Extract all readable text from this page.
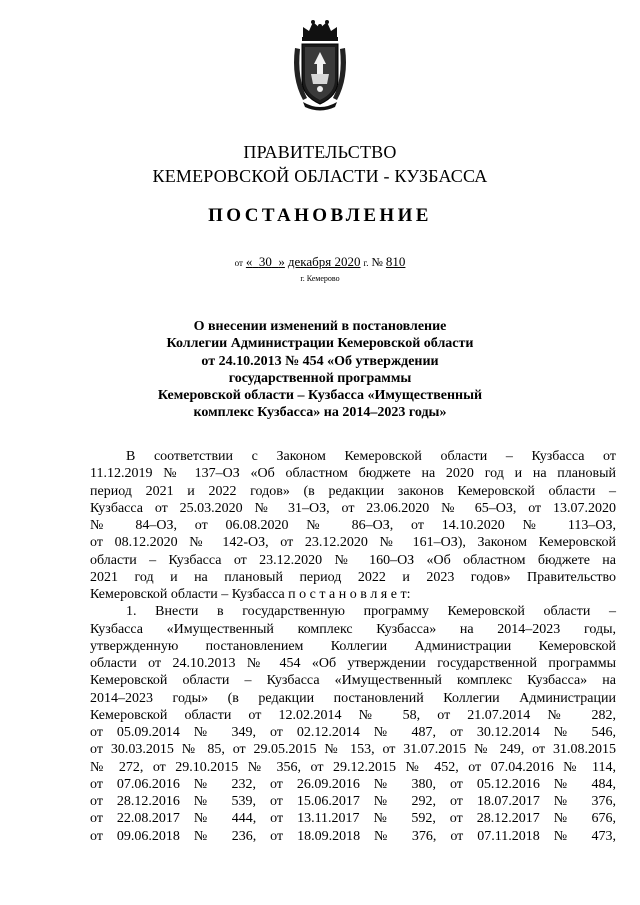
ПРАВИТЕЛЬСТВО
КЕМЕРОВСКОЙ ОБЛАСТИ - КУЗБАССА
ПОСТАНОВЛЕНИЕ
от « 30 » декабря 2020 г. № 810
г. Кемерово
О внесении изменений в постановление
Коллегии Администрации Кемеровской области
от 24.10.2013 № 454 «Об утверждении
государственной программы
Кемеровской области – Кузбасса «Имущественный
комплекс Кузбасса» на 2014–2023 годы»

В соответствии с Законом Кемеровской области – Кузбасса от

11.12.2019 № 137–ОЗ «Об областном бюджете на 2020 год и на плановый

период 2021 и 2022 годов» (в редакции законов Кемеровской области –

Кузбасса от 25.03.2020 № 31–ОЗ, от 23.06.2020 № 65–ОЗ, от 13.07.2020

№ 84–ОЗ, от 06.08.2020 № 86–ОЗ, от 14.10.2020 № 113–ОЗ,

от 08.12.2020 № 142-ОЗ, от 23.12.2020 № 161–ОЗ), Законом Кемеровской

области – Кузбасса от 23.12.2020 № 160–ОЗ «Об областном бюджете на

2021 год и на плановый период 2022 и 2023 годов» Правительство

Кемеровской области – Кузбасса п о с т а н о в л я е т:

1. Внести в государственную программу Кемеровской области –

Кузбасса «Имущественный комплекс Кузбасса» на 2014–2023 годы,

утвержденную постановлением Коллегии Администрации Кемеровской

области от 24.10.2013 № 454 «Об утверждении государственной программы

Кемеровской области – Кузбасса «Имущественный комплекс Кузбасса» на

2014–2023 годы» (в редакции постановлений Коллегии Администрации

Кемеровской области от 12.02.2014 № 58, от 21.07.2014 № 282,

от 05.09.2014 № 349, от 02.12.2014 № 487, от 30.12.2014 № 546,

от 30.03.2015 № 85, от 29.05.2015 № 153, от 31.07.2015 № 249, от 31.08.2015

№ 272, от 29.10.2015 № 356, от 29.12.2015 № 452, от 07.04.2016 № 114,

от 07.06.2016 № 232, от 26.09.2016 № 380, от 05.12.2016 № 484,

от 28.12.2016 № 539, от 15.06.2017 № 292, от 18.07.2017 № 376,

от 22.08.2017 № 444, от 13.11.2017 № 592, от 28.12.2017 № 676,

от 09.06.2018 № 236, от 18.09.2018 № 376, от 07.11.2018 № 473,
